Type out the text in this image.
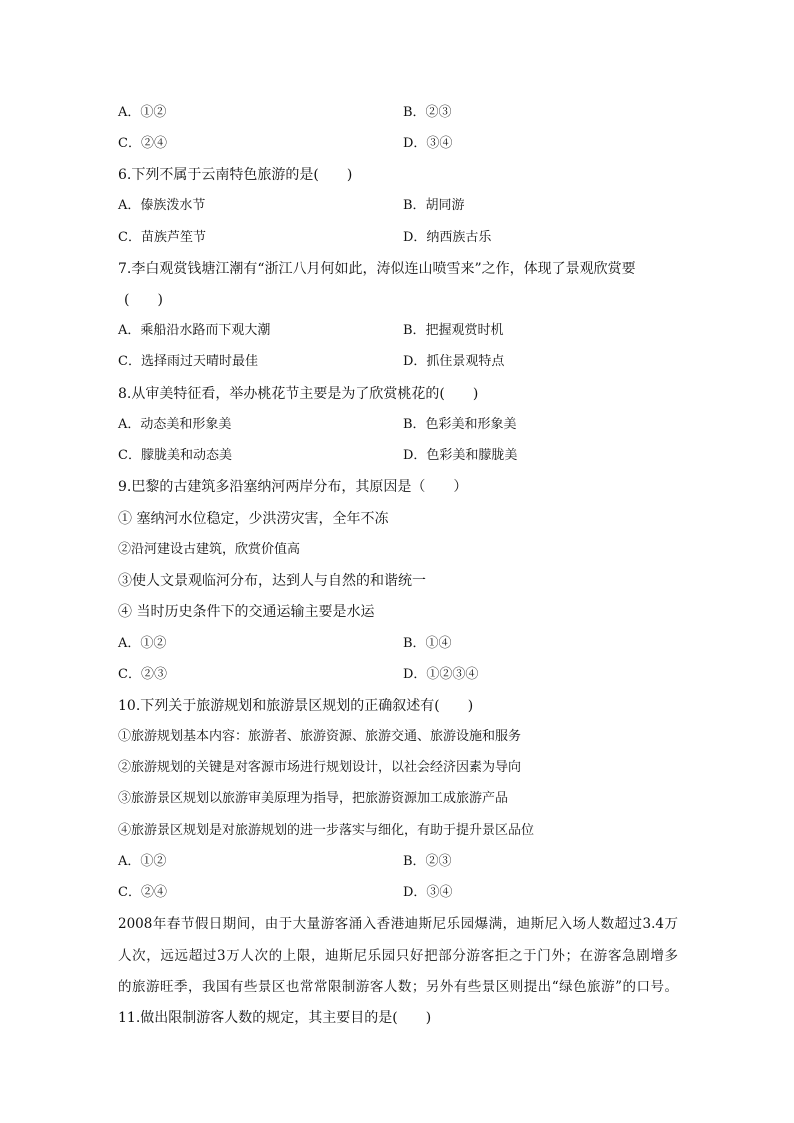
A．①②	B．②③
C．②④	D．③④
6.下列不属于云南特色旅游的是(　　)
A．傣族泼水节	B．胡同游
C．苗族芦笙节	D．纳西族古乐
7.李白观赏钱塘江潮有“浙江八月何如此，涛似连山喷雪来”之作，体现了景观欣赏要
(　　)
A．乘船沿水路而下观大潮	B．把握观赏时机
C．选择雨过天晴时最佳	D．抓住景观特点
8.从审美特征看，举办桃花节主要是为了欣赏桃花的(　　)
A．动态美和形象美	B．色彩美和形象美
C．朦胧美和动态美	D．色彩美和朦胧美
9.巴黎的古建筑多沿塞纳河两岸分布，其原因是（　　）
① 塞纳河水位稳定，少洪涝灾害，全年不冻
②沿河建设古建筑，欣赏价值高
③使人文景观临河分布，达到人与自然的和谐统一
④ 当时历史条件下的交通运输主要是水运
A．①②	B．①④
C．②③	D．①②③④
10.下列关于旅游规划和旅游景区规划的正确叙述有(　　)
①旅游规划基本内容：旅游者、旅游资源、旅游交通、旅游设施和服务
②旅游规划的关键是对客源市场进行规划设计，以社会经济因素为导向
③旅游景区规划以旅游审美原理为指导，把旅游资源加工成旅游产品
④旅游景区规划是对旅游规划的进一步落实与细化，有助于提升景区品位
A．①②	B．②③
C．②④	D．③④
2008年春节假日期间，由于大量游客涌入香港迪斯尼乐园爆满，迪斯尼入场人数超过3.4万
人次，远远超过3万人次的上限，迪斯尼乐园只好把部分游客拒之于门外；在游客急剧增多
的旅游旺季，我国有些景区也常常限制游客人数；另外有些景区则提出“绿色旅游”的口号。
11.做出限制游客人数的规定，其主要目的是(　　)
